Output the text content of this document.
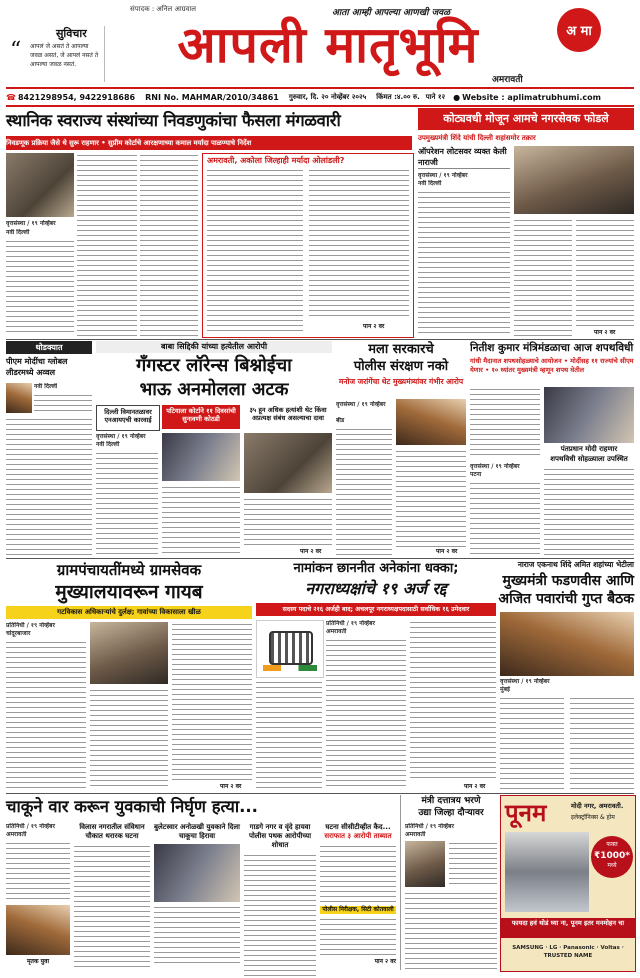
सुविचार
“ आपलं जे असतं ते आपल्या जवळ असतं, जे आपलं नसतं ते आपल्या जवळ नसतं.
संपादक : अनिल आग्रवाल	आता आम्ही आपल्या आणखी जवळ
आपली मातृभूमि
अमरावती
अ मा
☎ 8421298954, 9422918686 RNI No. MAHMAR/2010/34861 गुरुवार, दि. २० नोव्हेंबर २०२५ किंमत :४.०० रु. पाने १२ ● Website : aplimatrubhumi.com
स्थानिक स्वराज्य संस्थांच्या निवडणुकांचा फैसला मंगळवारी
निवडणूक प्रक्रिया जैसे थे सुरू राहणार • सुप्रीम कोर्टाचे आरक्षणाच्या कमाल मर्यादा पाळण्याचे निर्देश
वृत्तसंस्था / १९ नोव्हेंबर
नवी दिल्ली
अमरावती, अकोला जिल्हाही मर्यादा ओलांडली?
पान २ वर
कोट्यवधी मोजून आमचे नगरसेवक फोडले
उपमुख्यमंत्री शिंदे यांची दिल्ली शहांसमोर तक्रार
ऑपरेशन लोटसवर व्यक्त केली नाराजी
वृत्तसंस्था / १९ नोव्हेंबर
नवी दिल्ली
पान २ वर
थोडक्यात
पीएम मोदींचा ग्लोबल लीडरमध्ये अव्वल
नवी दिल्ली
बाबा सिद्दिकी यांच्या हत्येतील आरोपी
गँगस्टर लॉरेन्स बिश्नोईचा
भाऊ अनमोलला अटक
दिल्ली विमानतळावर एनआयएची कारवाई
पटियाला कोर्टाने ११ दिवसांची सुनावणी कोठडी
३५ हून अधिक हत्यांशी थेट किंवा अप्रत्यक्ष संबंध असल्याचा दावा
वृत्तसंस्था / १९ नोव्हेंबर
नवी दिल्ली
पान २ वर
मला सरकारचे
पोलीस संरक्षण नको
मनोज जरांगेंचा थेट मुख्यमंत्र्यांवर गंभीर आरोप
वृत्तसंस्था / १९ नोव्हेंबर
बीड
पान २ वर
नितीश कुमार मंत्रिमंडळाचा आज शपथविधी
गांधी मैदानात शपथसोहळ्याचे आयोजन • मोदींसह ११ राज्यांचे सीएम येणार • १० ध्यांतर मुख्यमंत्री म्हणून शपथ घेतील
पंतप्रधान मोदी राहणार
शपथविधी सोहळ्याला उपस्थित
वृत्तसंस्था / १९ नोव्हेंबर
पटना
ग्रामपंचायतींमध्ये ग्रामसेवक
मुख्यालयावरून गायब
गटविकास अधिकाऱ्यांचे दुर्लक्ष; गावांच्या विकासाला खीळ
प्रतिनिधी / १९ नोव्हेंबर
चांदूरबाजार
पान २ वर
नामांकन छाननीत अनेकांना धक्का;
नगराध्यक्षांचे १९ अर्ज रद्द
सदस्य पदाचे २१६ अर्जही बाद; अचलपूर नगराध्यक्षपदासाठी सर्वाधिक १६ उमेदवार
प्रतिनिधी / १९ नोव्हेंबर
अमरावती
पान २ वर
नाराज एकनाथ शिंदे अमित शहांच्या भेटीला
मुख्यमंत्री फडणवीस आणि
अजित पवारांची गुप्त बैठक
वृत्तसंस्था / १९ नोव्हेंबर
मुंबई
चाकूने वार करून युवकाची निर्घृण हत्या...
प्रतिनिधी / १९ नोव्हेंबर
अमरावती
मृतक युवा
विलास नगरातील संविधान चौकात थरारक घटना
बुलेटस्वार अनोळखी युवकाने दिला चाकूचा हिरावा
गाडगे नगर व वृंदे हायवा पोलीस पथक आरोपीच्या शोधात
घटना सीसीटीव्हीत कैद...
सराफात ३ आरोपी ताब्यात
पोलीस निरीक्षक, सिटी कोतवाली
पान २ वर
मंत्री दत्तात्रय भरणे
उद्या जिल्हा दौऱ्यावर
प्रतिनिधी / १९ नोव्हेंबर
अमरावती
पूनम	मोदी नगर, अमरावती.
इलेक्ट्रॉनिक्स & होम
फक्त
₹1000*
मध्ये
फायदा हवं थोडं घ्या ना, पूनम इतर मनमोहन चा
SAMSUNG · LG · Panasonic · Voltas · TRUSTED NAME
